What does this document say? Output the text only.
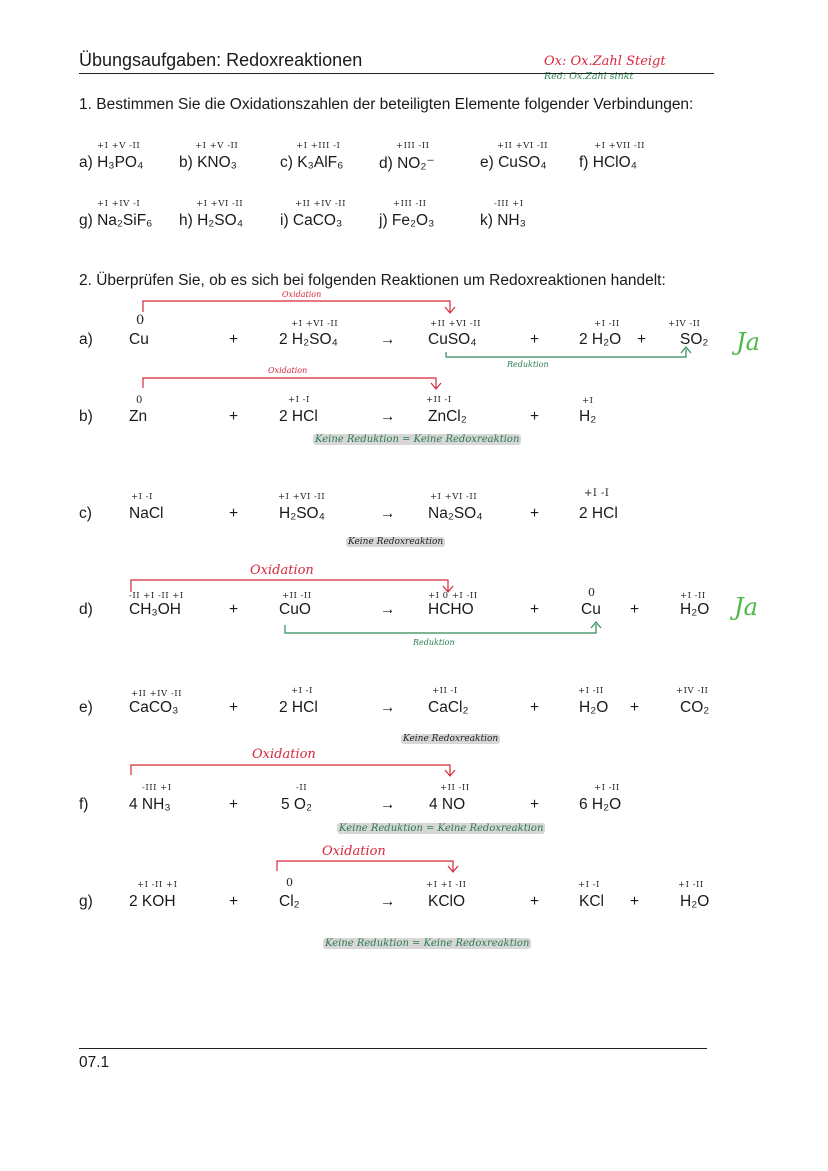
Übungsaufgaben: Redoxreaktionen	Ox: Ox.Zahl Steigt
Red: Ox.Zahl sinkt
1. Bestimmen Sie die Oxidationszahlen der beteiligten Elemente folgender Verbindungen:
+I +V -II
a) H₃PO₄
+I +V -II
b) KNO₃
+I +III -I
c) K₃AlF₆
+III -II
d) NO₂⁻
+II +VI -II
e) CuSO₄
+I +VII -II
f) HClO₄
+I +IV -I
g) Na₂SiF₆
+I +VI -II
h) H₂SO₄
+II +IV -II
i) CaCO₃
+III -II
j) Fe₂O₃
-III +I
k) NH₃
2. Überprüfen Sie, ob es sich bei folgenden Reaktionen um Redoxreaktionen handelt:
Oxidation
a)
0
Cu	+
+I +VI -II
2 H₂SO₄	→
+II +VI -II
CuSO₄	+
+I -II
2 H₂O +
+IV -II
SO₂
Reduktion
Ja
Oxidation
b)
0
Zn	+
+I -I
2 HCl	→
+II -I
ZnCl₂	+
+I
H₂
Keine Reduktion = Keine Redoxreaktion
c)
+I -I
NaCl	+
+I +VI -II
H₂SO₄	→
+I +VI -II
Na₂SO₄	+
+I -I
2 HCl
Keine Redoxreaktion
Oxidation
d)
-II +I -II +I
CH₃OH	+
+II -II
CuO	→
+I 0 +I -II
HCHO	+
0
Cu +
+I -II
H₂O
Reduktion
Ja
e)
+II +IV -II
CaCO₃	+
+I -I
2 HCl	→
+II -I
CaCl₂	+
+I -II
H₂O +
+IV -II
CO₂
Keine Redoxreaktion
Oxidation
f)
-III +I
4 NH₃	+
-II
5 O₂	→
+II -II
4 NO	+
+I -II
6 H₂O
Keine Reduktion = Keine Redoxreaktion
Oxidation
g)
+I -II +I
2 KOH	+
0
Cl₂	→
+I +I -II
KClO	+
+I -I
KCl +
+I -II
H₂O
Keine Reduktion = Keine Redoxreaktion
07.1
